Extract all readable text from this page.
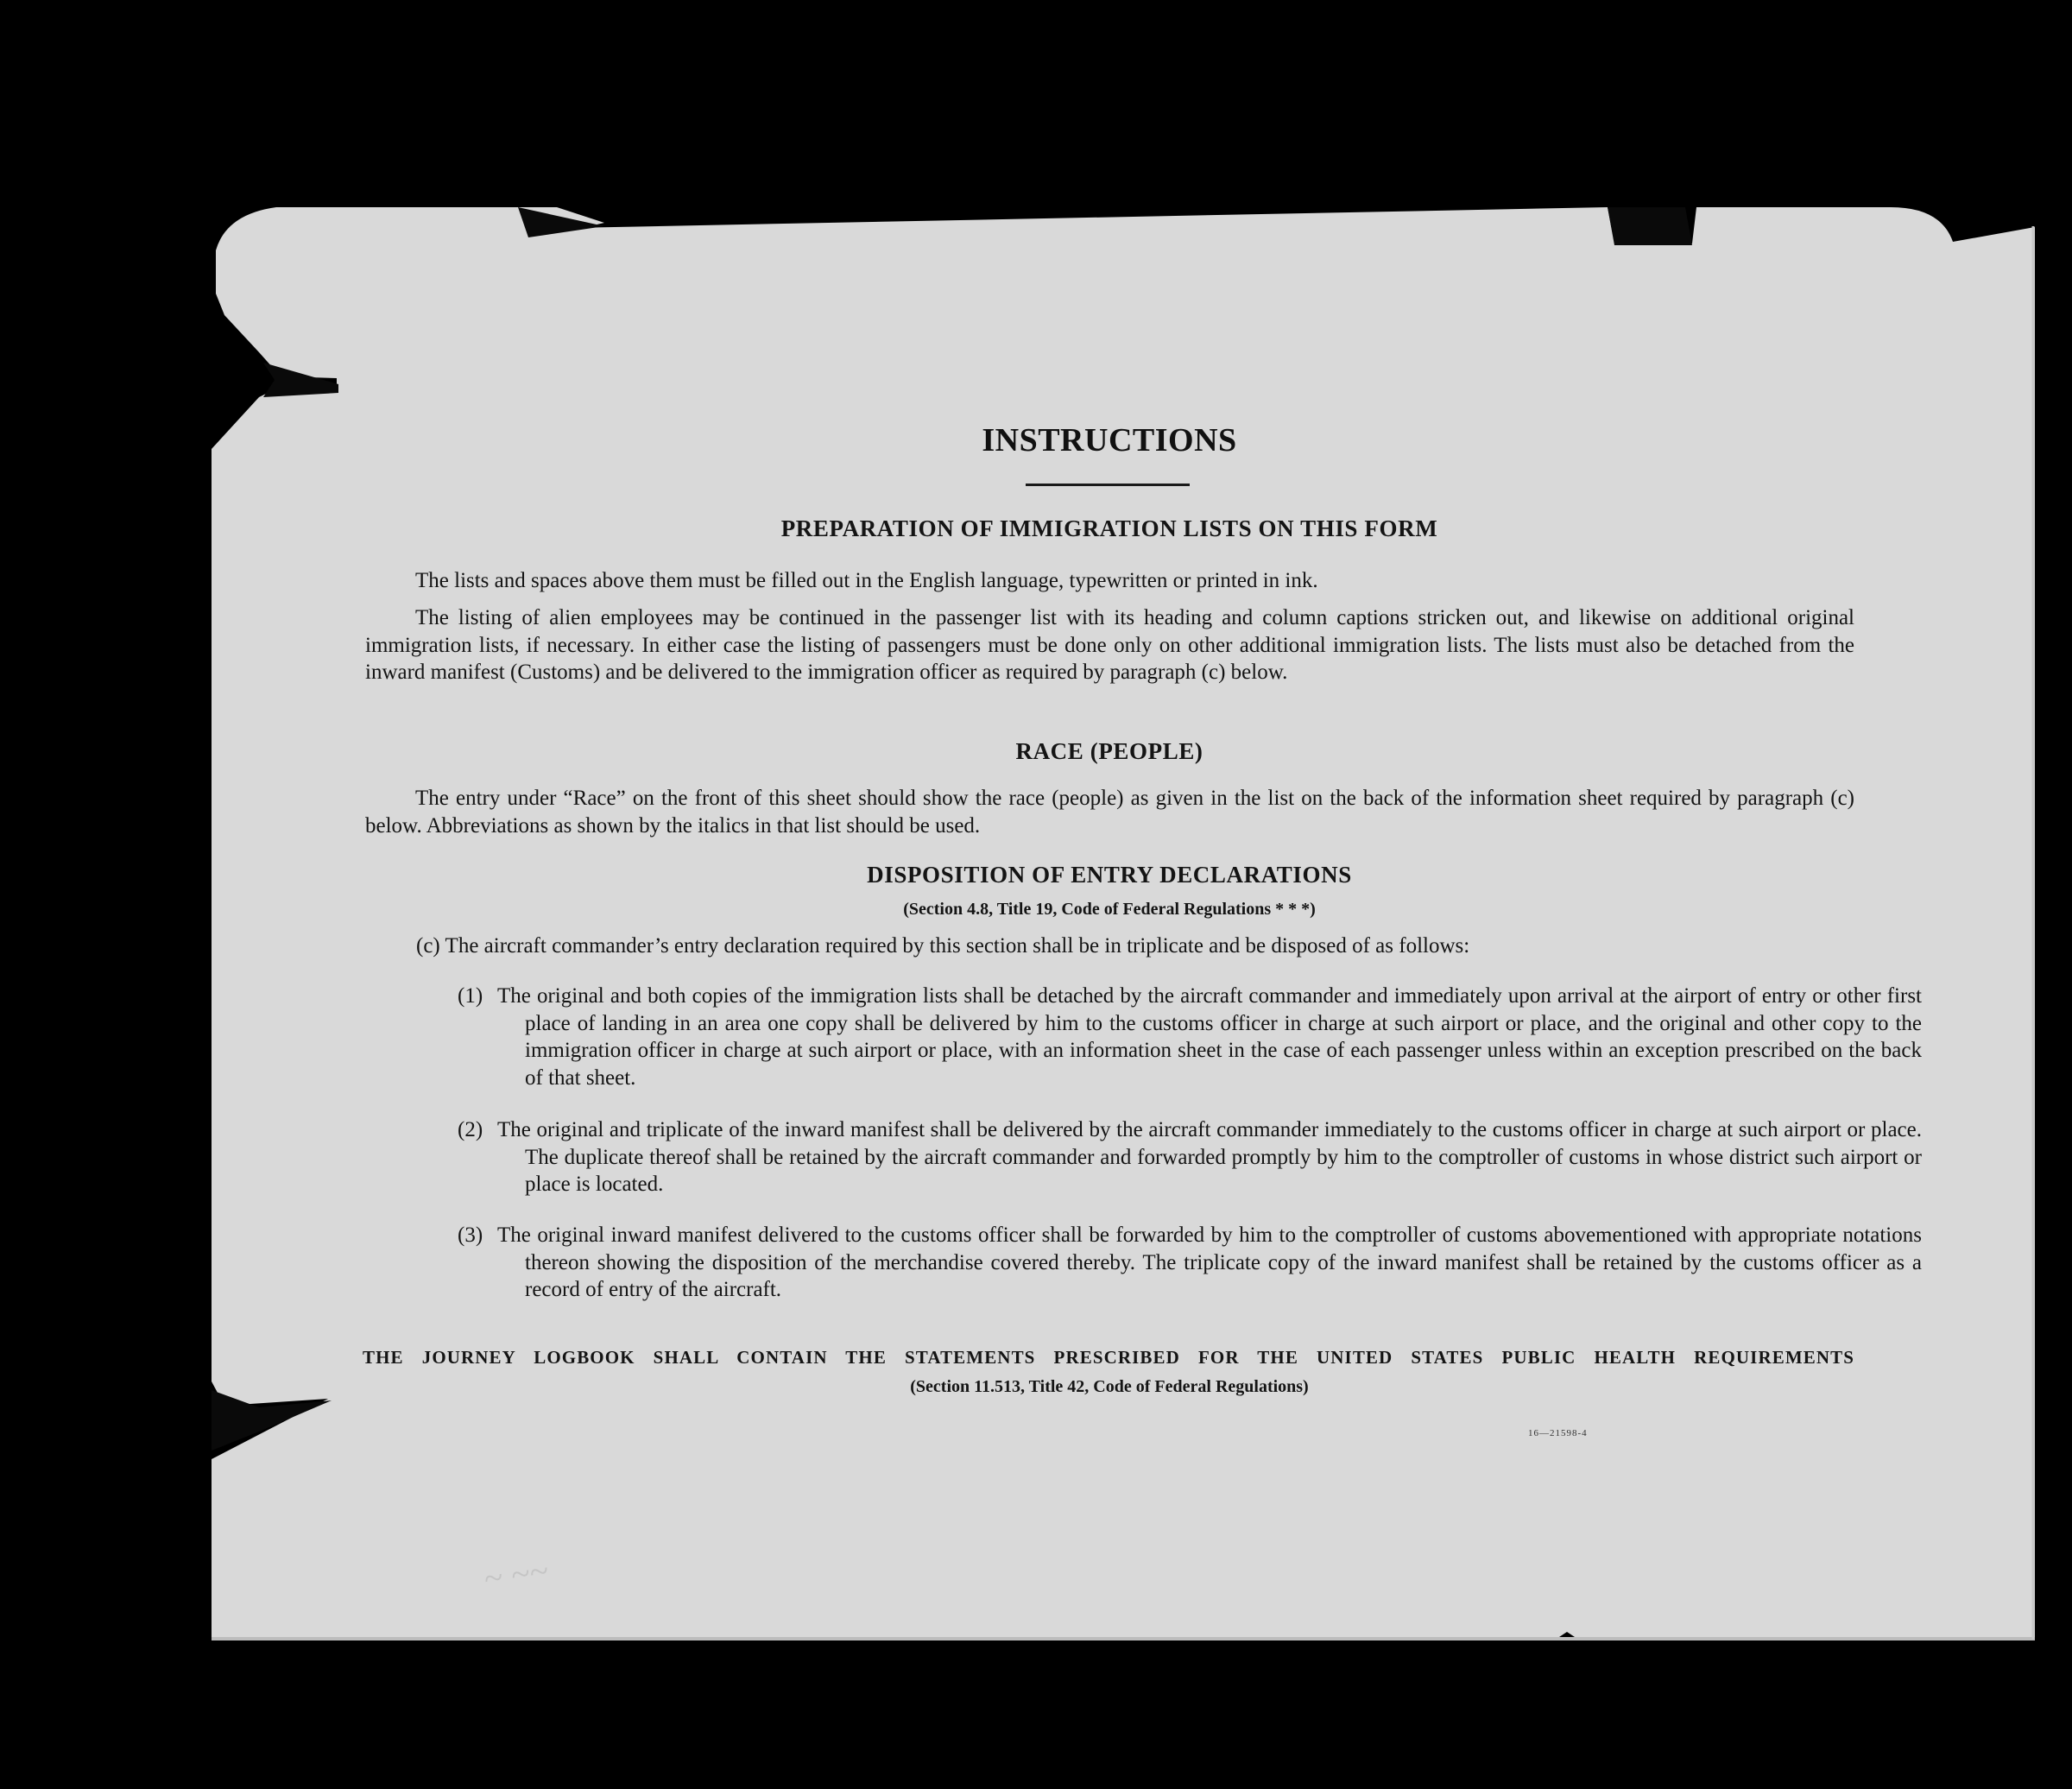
INSTRUCTIONS
PREPARATION OF IMMIGRATION LISTS ON THIS FORM

The lists and spaces above them must be filled out in the English language, typewritten or printed in ink.

The listing of alien employees may be continued in the passenger list with its heading and column captions stricken out, and likewise on additional original immigration lists, if necessary. In either case the listing of passengers must be done only on other additional immigration lists. The lists must also be detached from the inward manifest (Customs) and be delivered to the immigration officer as required by paragraph (c) below.

RACE (PEOPLE)

The entry under “Race” on the front of this sheet should show the race (people) as given in the list on the back of the information sheet required by paragraph (c) below. Abbreviations as shown by the italics in that list should be used.

DISPOSITION OF ENTRY DECLARATIONS
(Section 4.8, Title 19, Code of Federal Regulations * * *)

(c) The aircraft commander’s entry declaration required by this section shall be in triplicate and be disposed of as follows:

(1) The original and both copies of the immigration lists shall be detached by the aircraft commander and immediately upon arrival at the airport of entry or other first place of landing in an area one copy shall be delivered by him to the customs officer in charge at such airport or place, and the original and other copy to the immigration officer in charge at such airport or place, with an information sheet in the case of each passenger unless within an exception prescribed on the back of that sheet.
(2) The original and triplicate of the inward manifest shall be delivered by the aircraft commander immediately to the customs officer in charge at such airport or place. The duplicate thereof shall be retained by the aircraft commander and forwarded promptly by him to the comptroller of customs in whose district such airport or place is located.
(3) The original inward manifest delivered to the customs officer shall be forwarded by him to the comptroller of customs abovementioned with appropriate notations thereon showing the disposition of the merchandise covered thereby. The triplicate copy of the inward manifest shall be retained by the customs officer as a record of entry of the aircraft.
THE JOURNEY LOGBOOK SHALL CONTAIN THE STATEMENTS PRESCRIBED FOR THE UNITED STATES PUBLIC HEALTH REQUIREMENTS
(Section 11.513, Title 42, Code of Federal Regulations)
16—21598-4
~ ~~
